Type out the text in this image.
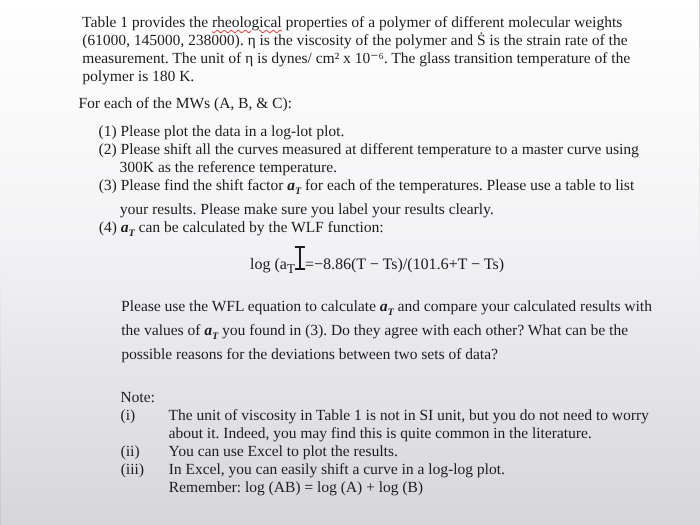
Table 1 provides the rheological properties of a polymer of different molecular weights
(61000, 145000, 238000). η is the viscosity of the polymer and Ṡ is the strain rate of the
measurement. The unit of η is dynes/ cm² x 10⁻⁶. The glass transition temperature of the
polymer is 180 K.
For each of the MWs (A, B, & C):
(1) Please plot the data in a log-lot plot.
(2) Please shift all the curves measured at different temperature to a master curve using
300K as the reference temperature.
(3) Please find the shift factor $a_T$ for each of the temperatures. Please use a table to list
your results. Please make sure you label your results clearly.
(4) $a_T$ can be calculated by the WLF function:
$\log (a_T =-8.86(T - Ts)/(101.6+T - Ts)$
Please use the WFL equation to calculate $a_T$ and compare your calculated results with
the values of $a_T$ you found in (3). Do they agree with each other? What can be the
possible reasons for the deviations between two sets of data?
Note:
(i) The unit of viscosity in Table 1 is not in SI unit, but you do not need to worry
about it. Indeed, you may find this is quite common in the literature.
(ii) You can use Excel to plot the results.
(iii) In Excel, you can easily shift a curve in a log-log plot.
Remember: log (AB) = log (A) + log (B)
